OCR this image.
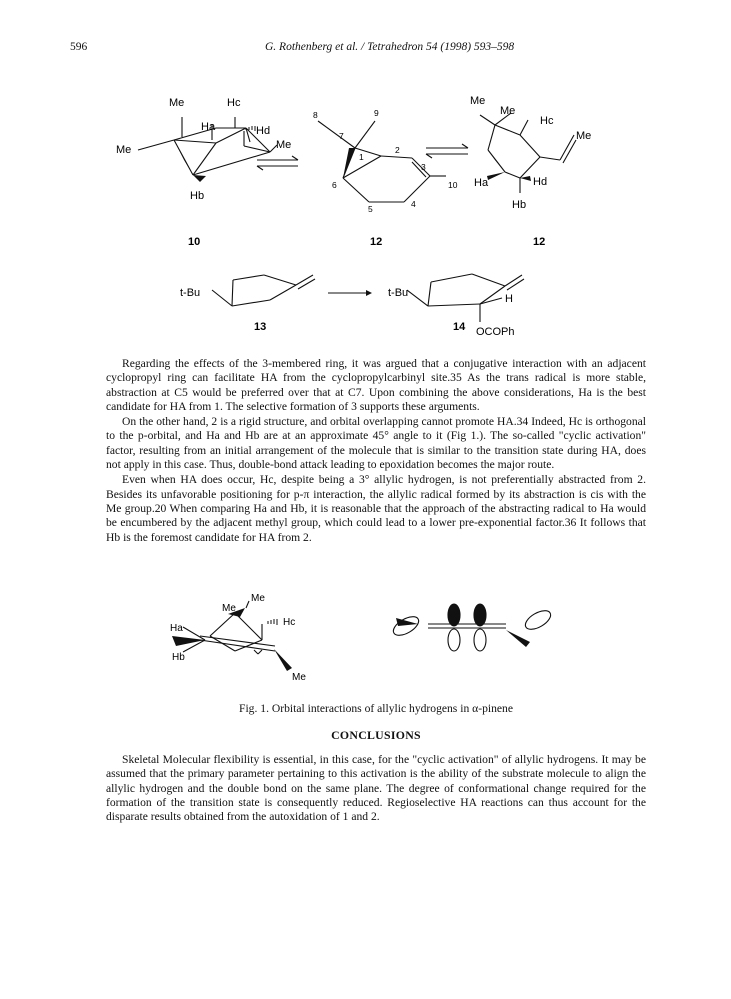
596	G. Rothenberg et al. / Tetrahedron 54 (1998) 593–598
Me	Hc
Ha	Hd
Me
Me
Hb
10
8
7
9
1
2
3
10
6
5	4
12
Me
Me
Hc
Me
Ha	Hd
Hb
12
t-Bu
13
t-Bu	H
OCOPh
14

Regarding the effects of the 3-membered ring, it was argued that a conjugative interaction with an adjacent cyclopropyl ring can facilitate HA from the cyclopropylcarbinyl site.35 As the trans radical is more stable, abstraction at C5 would be preferred over that at C7. Upon combining the above considerations, Ha is the best candidate for HA from 1. The selective formation of 3 supports these arguments.

On the other hand, 2 is a rigid structure, and orbital overlapping cannot promote HA.34 Indeed, Hc is orthogonal to the p-orbital, and Ha and Hb are at an approximate 45° angle to it (Fig 1.). The so-called "cyclic activation" factor, resulting from an initial arrangement of the molecule that is similar to the transition state during HA, does not apply in this case. Thus, double-bond attack leading to epoxidation becomes the major route.

Even when HA does occur, Hc, despite being a 3° allylic hydrogen, is not preferentially abstracted from 2. Besides its unfavorable positioning for p-π interaction, the allylic radical formed by its abstraction is cis with the Me group.20 When comparing Ha and Hb, it is reasonable that the approach of the abstracting radical to Ha would be encumbered by the adjacent methyl group, which could lead to a lower pre-exponential factor.36 It follows that Hb is the foremost candidate for HA from 2.

Me
Me
Ha
Hc
Hb
Me
Fig. 1. Orbital interactions of allylic hydrogens in α-pinene
CONCLUSIONS

Skeletal Molecular flexibility is essential, in this case, for the "cyclic activation" of allylic hydrogens. It may be assumed that the primary parameter pertaining to this activation is the ability of the substrate molecule to align the allylic hydrogen and the double bond on the same plane. The degree of conformational change required for the formation of the transition state is consequently reduced. Regioselective HA reactions can thus account for the disparate results obtained from the autoxidation of 1 and 2.
